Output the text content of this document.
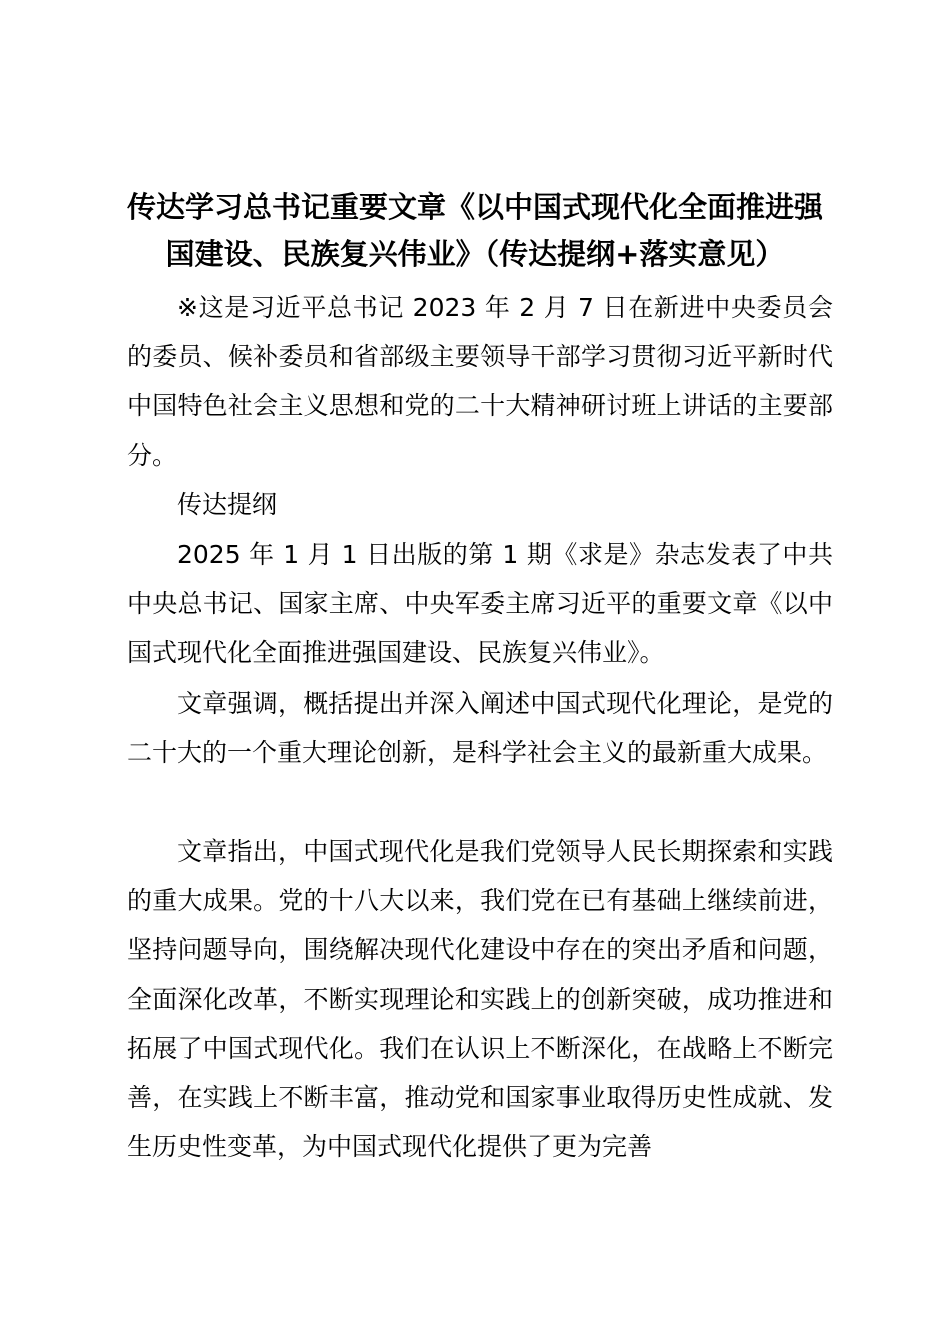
传达学习总书记重要文章《以中国式现代化全面推进强
国建设、民族复兴伟业》（传达提纲+落实意见）

※这是习近平总书记 2023 年 2 月 7 日在新进中央委员会的委员、候补委员和省部级主要领导干部学习贯彻习近平新时代中国特色社会主义思想和党的二十大精神研讨班上讲话的主要部分。

传达提纲

2025 年 1 月 1 日出版的第 1 期《求是》杂志发表了中共中央总书记、国家主席、中央军委主席习近平的重要文章《以中国式现代化全面推进强国建设、民族复兴伟业》。

文章强调，概括提出并深入阐述中国式现代化理论，是党的二十大的一个重大理论创新，是科学社会主义的最新重大成果。

文章指出，中国式现代化是我们党领导人民长期探索和实践的重大成果。党的十八大以来，我们党在已有基础上继续前进，坚持问题导向，围绕解决现代化建设中存在的突出矛盾和问题，全面深化改革，不断实现理论和实践上的创新突破，成功推进和拓展了中国式现代化。我们在认识上不断深化，在战略上不断完善，在实践上不断丰富，推动党和国家事业取得历史性成就、发生历史性变革，为中国式现代化提供了更为完善
